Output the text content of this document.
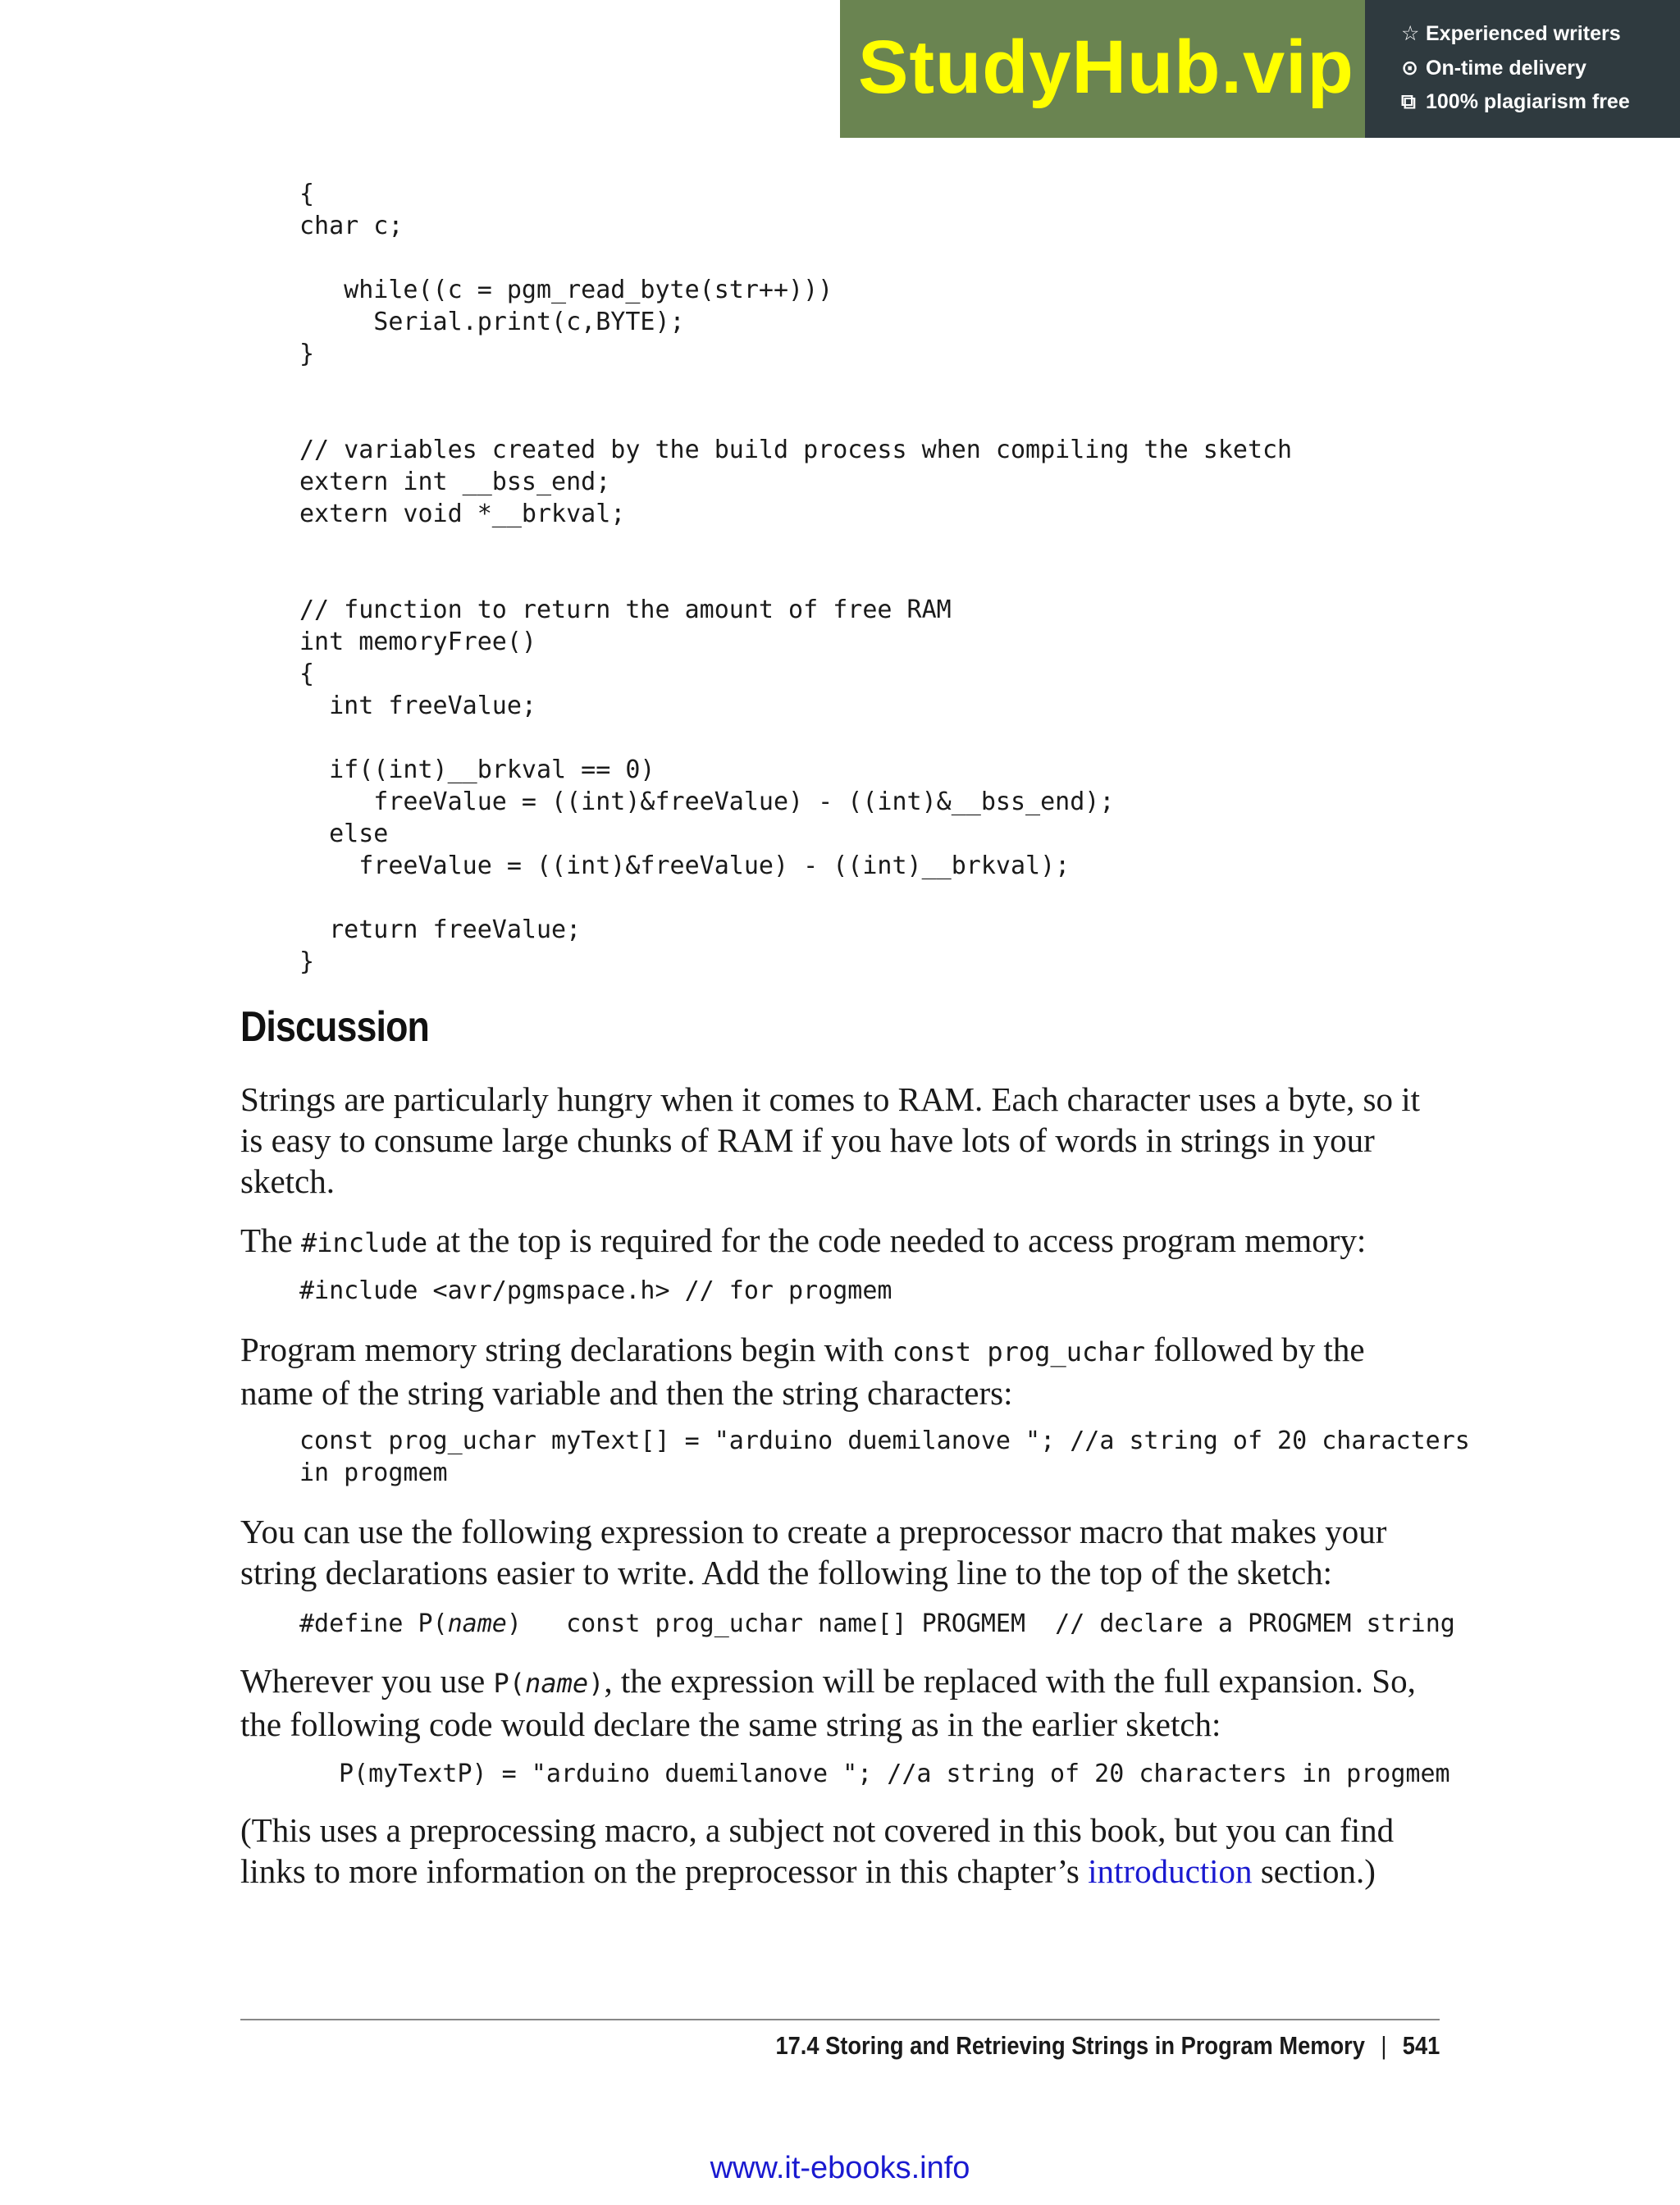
StudyHub.vip ☆ Experienced writers
⊙ On-time delivery
⧉ 100% plagiarism free
{
char c;

while((c = pgm_read_byte(str++)))
Serial.print(c,BYTE);
}

// variables created by the build process when compiling the sketch
extern int __bss_end;
extern void *__brkval;

// function to return the amount of free RAM
int memoryFree()
{
int freeValue;

if((int)__brkval == 0)
freeValue = ((int)&freeValue) - ((int)&__bss_end);
else
freeValue = ((int)&freeValue) - ((int)__brkval);

return freeValue;
}
Discussion

Strings are particularly hungry when it comes to RAM. Each character uses a byte, so it is easy to consume large chunks of RAM if you have lots of words in strings in your sketch.

The #include at the top is required for the code needed to access program memory:

#include <avr/pgmspace.h> // for progmem

Program memory string declarations begin with const prog_uchar followed by the name of the string variable and then the string characters:

const prog_uchar myText[] = "arduino duemilanove "; //a string of 20 characters
in progmem

You can use the following expression to create a preprocessor macro that makes your string declarations easier to write. Add the following line to the top of the sketch:

#define P(name)   const prog_uchar name[] PROGMEM  // declare a PROGMEM string

Wherever you use P(name), the expression will be replaced with the full expansion. So, the following code would declare the same string as in the earlier sketch:

P(myTextP) = "arduino duemilanove "; //a string of 20 characters in progmem

(This uses a preprocessing macro, a subject not covered in this book, but you can find links to more information on the preprocessor in this chapter’s introduction section.)

17.4 Storing and Retrieving Strings in Program Memory | 541
www.it-ebooks.info
